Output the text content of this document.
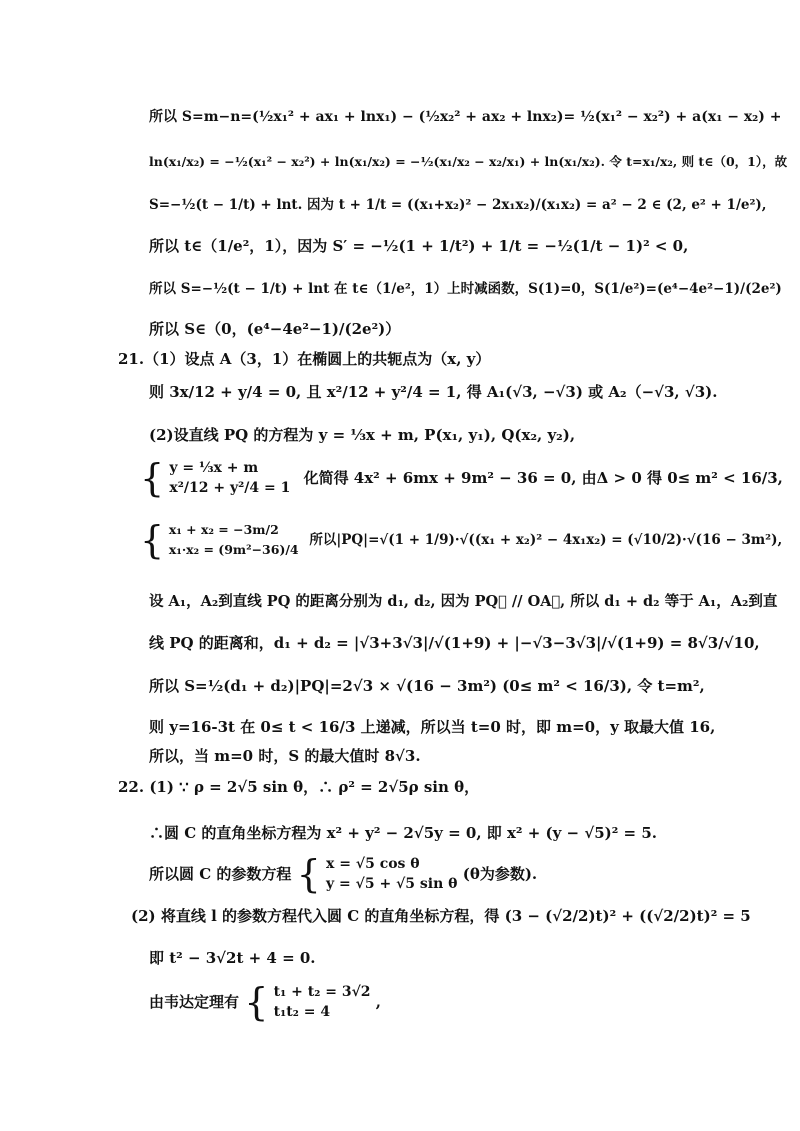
所以 S=m−n=(½x₁² + ax₁ + lnx₁) − (½x₂² + ax₂ + lnx₂)= ½(x₁² − x₂²) + a(x₁ − x₂) +
ln(x₁/x₂) = −½(x₁² − x₂²) + ln(x₁/x₂) = −½(x₁/x₂ − x₂/x₁) + ln(x₁/x₂). 令 t=x₁/x₂, 则 t∈（0，1），故
S=−½(t − 1/t) + lnt. 因为 t + 1/t = ((x₁+x₂)² − 2x₁x₂)/(x₁x₂) = a² − 2 ∈ (2, e² + 1/e²),
所以 t∈（1/e²，1），因为 S′ = −½(1 + 1/t²) + 1/t = −½(1/t − 1)² < 0,
所以 S=−½(t − 1/t) + lnt 在 t∈（1/e²，1）上时减函数，S(1)=0，S(1/e²)=(e⁴−4e²−1)/(2e²)
所以 S∈（0，(e⁴−4e²−1)/(2e²)）
21.（1）设点 A（3，1）在椭圆上的共轭点为（x, y）
则 3x/12 + y/4 = 0, 且 x²/12 + y²/4 = 1, 得 A₁(√3, −√3) 或 A₂（−√3, √3).
(2)设直线 PQ 的方程为 y = ⅓x + m, P(x₁, y₁), Q(x₂, y₂),
{ y = ⅓x + m
x²/12 + y²/4 = 1
化简得 4x² + 6mx + 9m² − 36 = 0, 由Δ > 0 得 0≤ m² < 16/3,
{ x₁ + x₂ = −3m/2
x₁·x₂ = (9m²−36)/4
所以|PQ|=√(1 + 1/9)·√((x₁ + x₂)² − 4x₁x₂) = (√10/2)·√(16 − 3m²),
设 A₁，A₂到直线 PQ 的距离分别为 d₁, d₂, 因为 PQ⃗ // OA⃗, 所以 d₁ + d₂ 等于 A₁，A₂到直
线 PQ 的距离和，d₁ + d₂ = |√3+3√3|/√(1+9) + |−√3−3√3|/√(1+9) = 8√3/√10,
所以 S=½(d₁ + d₂)|PQ|=2√3 × √(16 − 3m²) (0≤ m² < 16/3), 令 t=m²,
则 y=16-3t 在 0≤ t < 16/3 上递减，所以当 t=0 时，即 m=0，y 取最大值 16,
所以，当 m=0 时，S 的最大值时 8√3.
22. (1) ∵ ρ = 2√5 sin θ，∴ ρ² = 2√5ρ sin θ，
∴圆 C 的直角坐标方程为 x² + y² − 2√5y = 0, 即 x² + (y − √5)² = 5.
所以圆 C 的参数方程 { x = √5 cos θ
y = √5 + √5 sin θ
(θ为参数).
(2) 将直线 l 的参数方程代入圆 C 的直角坐标方程，得 (3 − (√2/2)t)² + ((√2/2)t)² = 5
即 t² − 3√2t + 4 = 0.
由韦达定理有 { t₁ + t₂ = 3√2
t₁t₂ = 4
,
